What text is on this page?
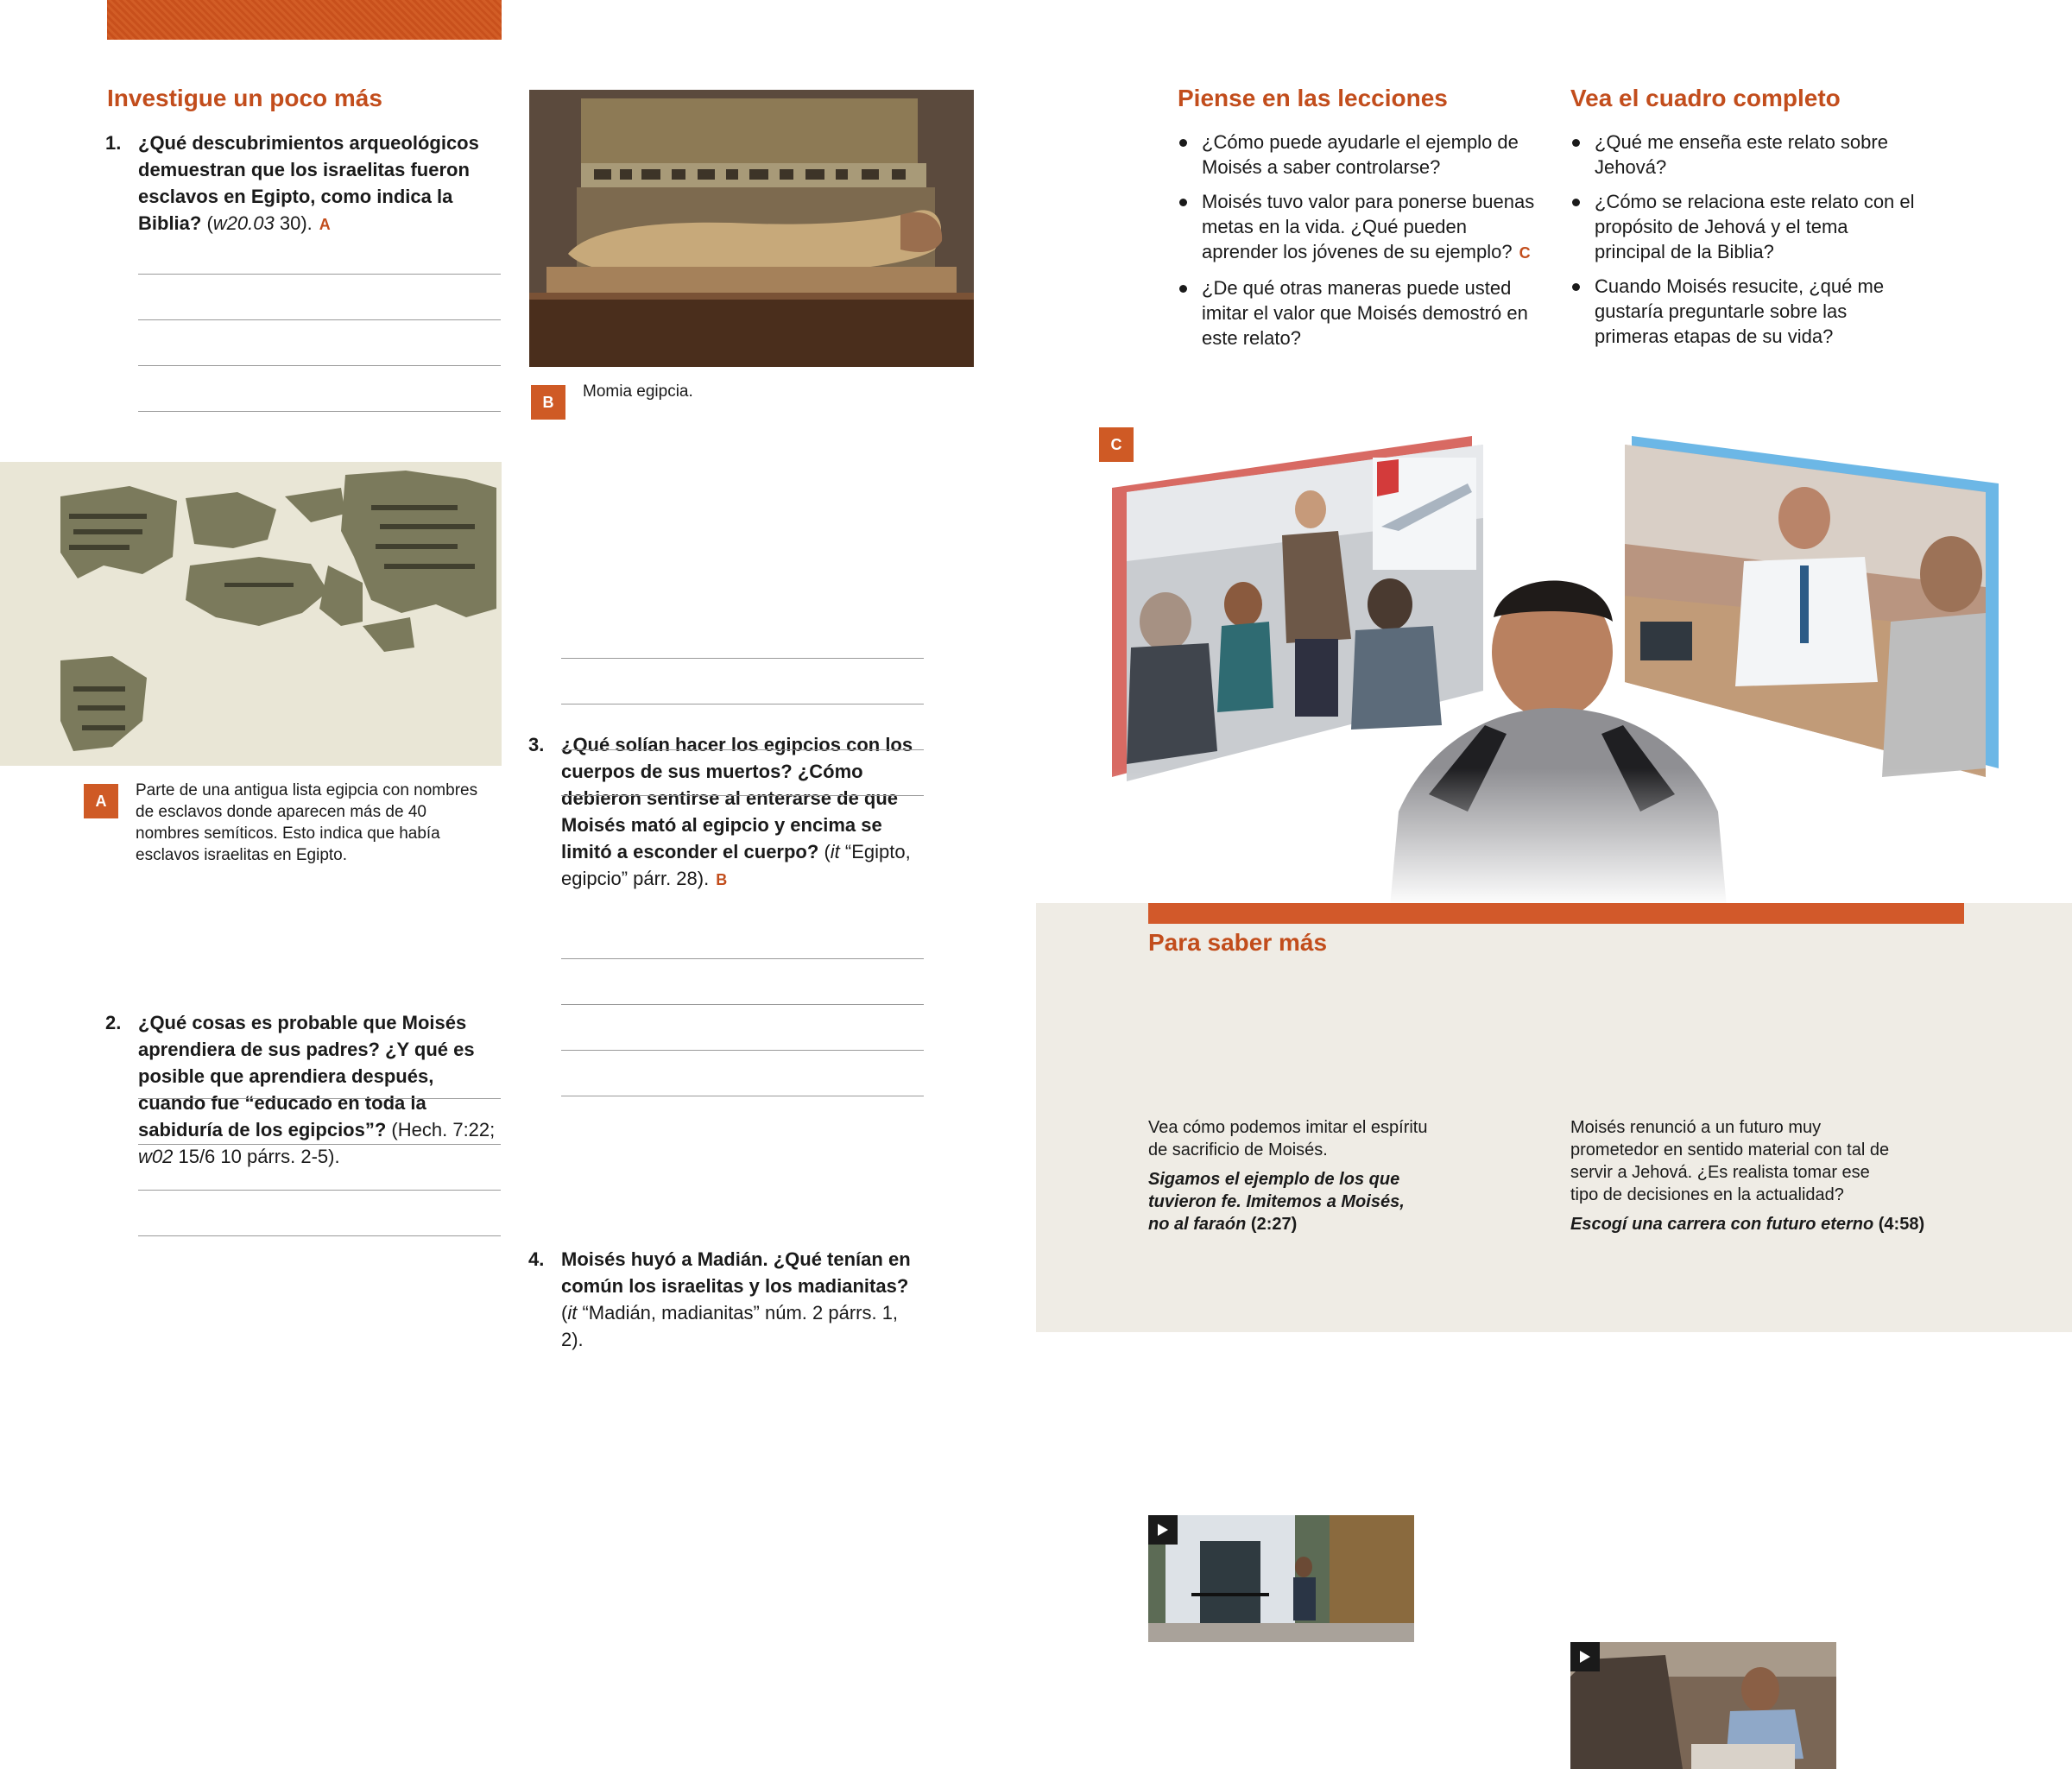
Investigue un poco más
1. ¿Qué descubrimientos arqueológicos demuestran que los israelitas fueron esclavos en Egipto, como indica la Biblia? (w20.03 30). A
A
Parte de una antigua lista egipcia con nombres de esclavos donde aparecen más de 40 nombres semíticos. Esto indica que había esclavos israelitas en Egipto.
2. ¿Qué cosas es probable que Moisés aprendiera de sus padres? ¿Y qué es posible que aprendiera después, cuando fue “educado en toda la sabiduría de los egipcios”? (Hech. 7:22; w02 15/6 10 párrs. 2-5).
B
Momia egipcia.
3. ¿Qué solían hacer los egipcios con los cuerpos de sus muertos? ¿Cómo debieron sentirse al enterarse de que Moisés mató al egipcio y encima se limitó a esconder el cuerpo? (it “Egipto, egipcio” párr. 28). B
4. Moisés huyó a Madián. ¿Qué tenían en común los israelitas y los madianitas? (it “Madián, madianitas” núm. 2 párrs. 1, 2).
Piense en las lecciones
¿Cómo puede ayudarle el ejemplo de Moisés a saber controlarse?
Moisés tuvo valor para ponerse buenas metas en la vida. ¿Qué pueden aprender los jóvenes de su ejemplo? C
¿De qué otras maneras puede usted imitar el valor que Moisés demostró en este relato?
Vea el cuadro completo
¿Qué me enseña este relato sobre Jehová?
¿Cómo se relaciona este relato con el propósito de Jehová y el tema principal de la Biblia?
Cuando Moisés resucite, ¿qué me gustaría preguntarle sobre las primeras etapas de su vida?
C
Para saber más
Vea cómo podemos imitar el espíritu de sacrificio de Moisés.
Sigamos el ejemplo de los que tuvieron fe. Imitemos a Moisés, no al faraón (2:27)
Moisés renunció a un futuro muy prometedor en sentido material con tal de servir a Jehová. ¿Es realista tomar ese tipo de decisiones en la actualidad?
Escogí una carrera con futuro eterno (4:58)
